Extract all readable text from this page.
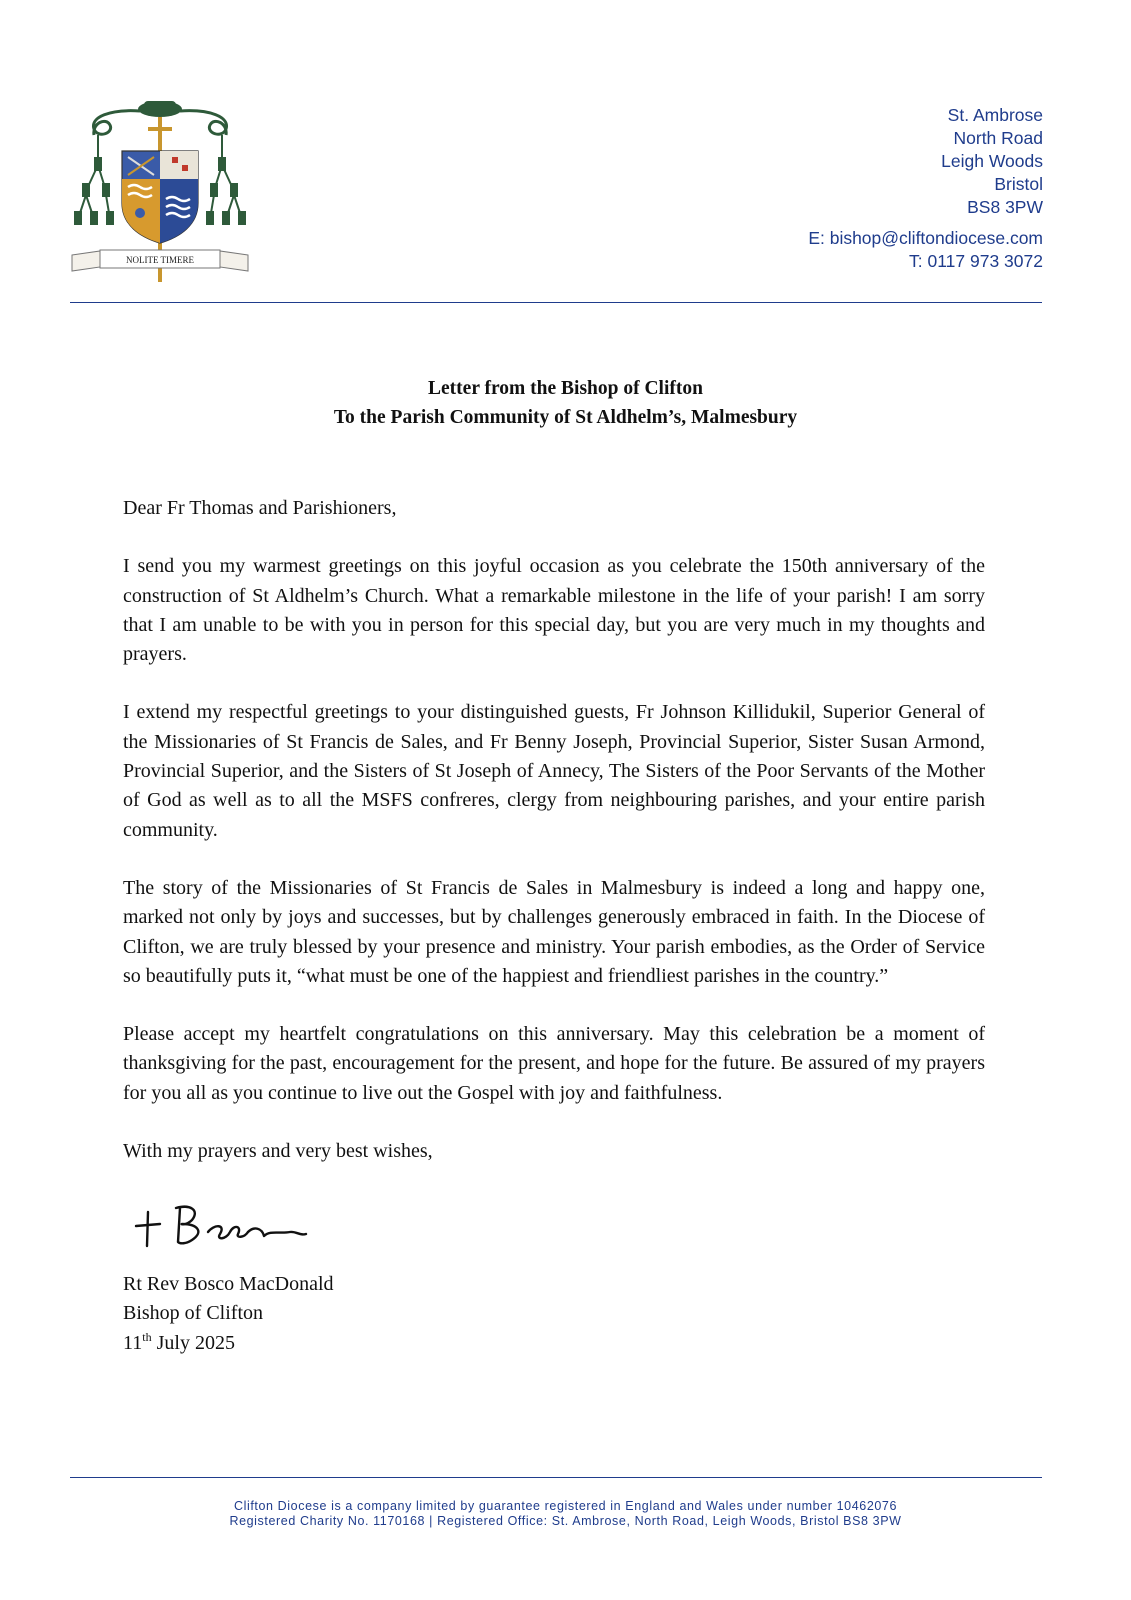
NOLITE TIMERE
St. Ambrose
North Road
Leigh Woods
Bristol
BS8 3PW
E: bishop@cliftondiocese.com
T: 0117 973 3072
Letter from the Bishop of Clifton
To the Parish Community of St Aldhelm’s, Malmesbury

Dear Fr Thomas and Parishioners,

I send you my warmest greetings on this joyful occasion as you celebrate the 150th anniversary of the construction of St Aldhelm’s Church. What a remarkable milestone in the life of your parish! I am sorry that I am unable to be with you in person for this special day, but you are very much in my thoughts and prayers.

I extend my respectful greetings to your distinguished guests, Fr Johnson Killidukil, Superior General of the Missionaries of St Francis de Sales, and Fr Benny Joseph, Provincial Superior, Sister Susan Armond, Provincial Superior, and the Sisters of St Joseph of Annecy, The Sisters of the Poor Servants of the Mother of God as well as to all the MSFS confreres, clergy from neighbouring parishes, and your entire parish community.

The story of the Missionaries of St Francis de Sales in Malmesbury is indeed a long and happy one, marked not only by joys and successes, but by challenges generously embraced in faith. In the Diocese of Clifton, we are truly blessed by your presence and ministry. Your parish embodies, as the Order of Service so beautifully puts it, “what must be one of the happiest and friendliest parishes in the country.”

Please accept my heartfelt congratulations on this anniversary. May this celebration be a moment of thanksgiving for the past, encouragement for the present, and hope for the future. Be assured of my prayers for you all as you continue to live out the Gospel with joy and faithfulness.

With my prayers and very best wishes,

Rt Rev Bosco MacDonald
Bishop of Clifton
11th July 2025
Clifton Diocese is a company limited by guarantee registered in England and Wales under number 10462076
Registered Charity No. 1170168 | Registered Office: St. Ambrose, North Road, Leigh Woods, Bristol BS8 3PW
